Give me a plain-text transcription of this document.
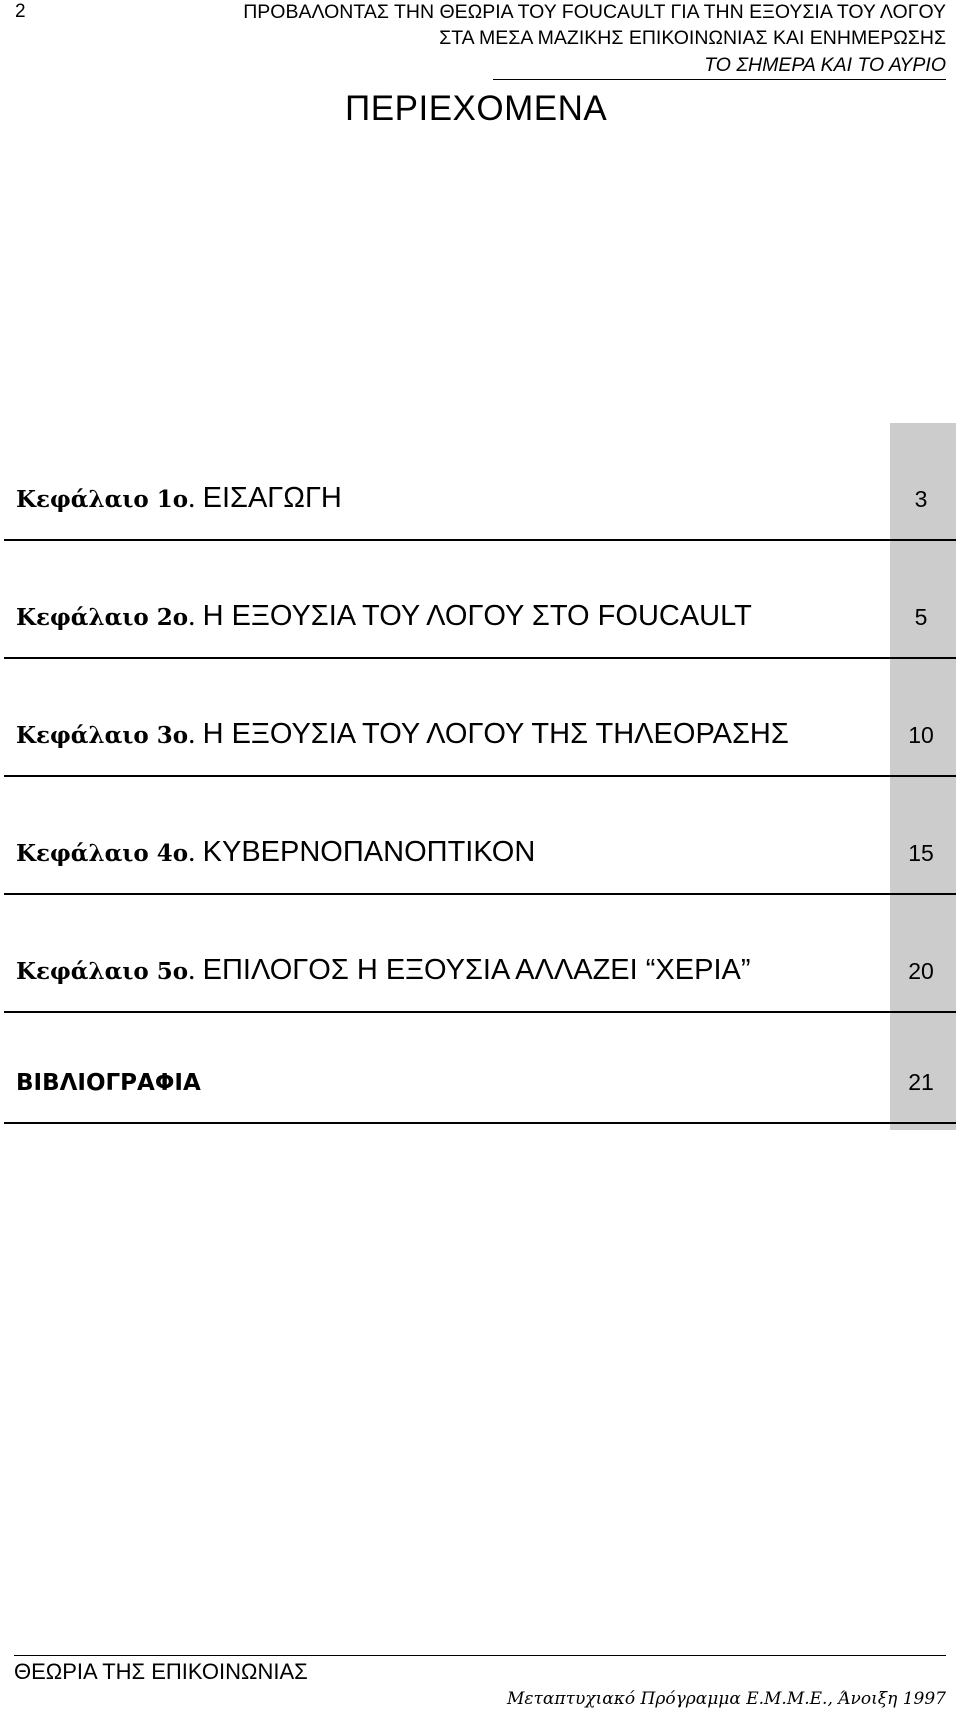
2	ΠΡΟΒΑΛΟΝΤΑΣ ΤΗΝ ΘΕΩΡΙΑ ΤΟΥ FOUCAULT ΓΙΑ ΤΗΝ ΕΞΟΥΣΙΑ ΤΟΥ ΛΟΓΟΥ
ΣΤΑ ΜΕΣΑ ΜΑΖΙΚΗΣ ΕΠΙΚΟΙΝΩΝΙΑΣ ΚΑΙ ΕΝΗΜΕΡΩΣΗΣ
ΤΟ ΣΗΜΕΡΑ ΚΑΙ ΤΟ ΑΥΡΙΟ
ΠΕΡΙΕΧΟΜΕΝΑ
Κεφάλαιο 1ο. ΕΙΣΑΓΩΓΗ	3
Κεφάλαιο 2ο. Η ΕΞΟΥΣΙΑ ΤΟΥ ΛΟΓΟΥ ΣΤΟ FOUCAULT	5
Κεφάλαιο 3ο. Η ΕΞΟΥΣΙΑ ΤΟΥ ΛΟΓΟΥ ΤΗΣ ΤΗΛΕΟΡΑΣΗΣ	10
Κεφάλαιο 4ο. ΚΥΒΕΡΝΟΠΑΝΟΠΤΙΚΟΝ	15
Κεφάλαιο 5ο. ΕΠΙΛΟΓΟΣ Η ΕΞΟΥΣΙΑ ΑΛΛΑΖΕΙ “ΧΕΡΙΑ”	20
ΒΙΒΛΙΟΓΡΑΦΙΑ	21
ΘΕΩΡΙΑ ΤΗΣ ΕΠΙΚΟΙΝΩΝΙΑΣ
Μεταπτυχιακό Πρόγραμμα Ε.Μ.Μ.Ε., Άνοιξη 1997
